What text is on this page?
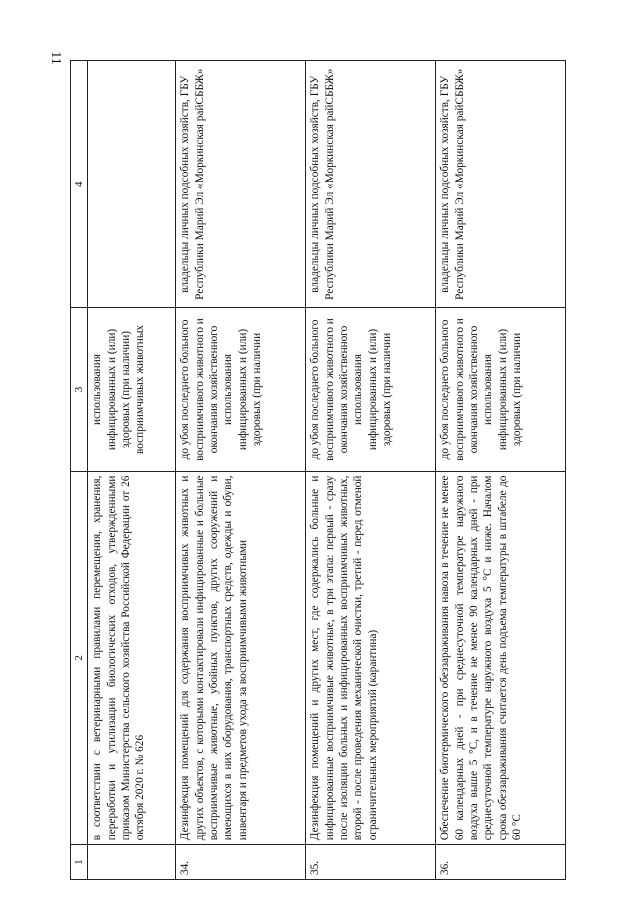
11
1	2	3	4
	в соответствии с ветеринарными правилами перемещения, хранения, переработки и утилизации биологических отходов, утвержденными приказом Министерства сельского хозяйства Российской Федерации от 26 октября 2020 г. № 626	использования инфицированных и (или) здоровых (при наличии) восприимчивых животных	
34.	Дезинфекция помещений для содержания восприимчивых животных и других объектов, с которыми контактировали инфицированные и больные восприимчивые животные, убойных пунктов, других сооружений и имеющихся в них оборудования, транспортных средств, одежды и обуви, инвентаря и предметов ухода за восприимчивыми животными	до убоя последнего больного восприимчивого животного и окончания хозяйственного использования инфицированных и (или) здоровых (при наличии	владельцы личных подсобных хозяйств, ГБУ Республики Марий Эл «Моркинская райСББЖ»
35.	Дезинфекция помещений и других мест, где содержались больные и инфицированные восприимчивые животные, в три этапа: первый - сразу после изоляции больных и инфицированных восприимчивых животных, второй - после проведения механической очистки, третий - перед отменой ограничительных мероприятий (карантина)	до убоя последнего больного восприимчивого животного и окончания хозяйственного использования инфицированных и (или) здоровых (при наличии	владельцы личных подсобных хозяйств, ГБУ Республики Марий Эл «Моркинская райСББЖ»
36.	Обеспечение биотермического обеззараживания навоза в течение не менее 60 календарных дней - при среднесуточной температуре наружного воздуха выше 5 °С, и в течение не менее 90 календарных дней - при среднесуточной температуре наружного воздуха 5 °С и ниже. Началом срока обеззараживания считается день подъема температуры в штабеле до 60 °С	до убоя последнего больного восприимчивого животного и окончания хозяйственного использования инфицированных и (или) здоровых (при наличии	владельцы личных подсобных хозяйств, ГБУ Республики Марий Эл «Моркинская райСББЖ»
